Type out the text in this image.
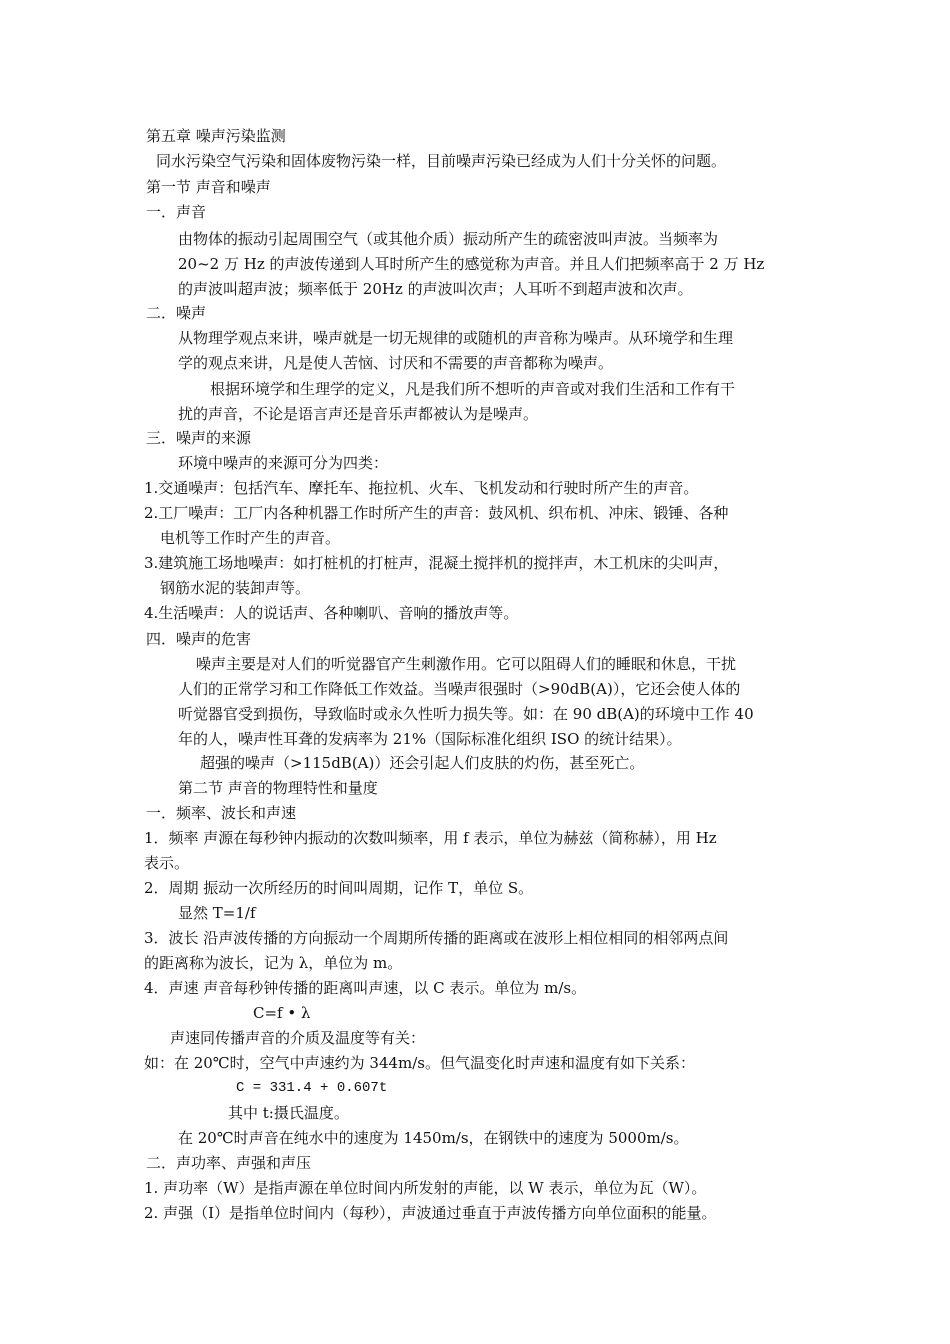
第五章 噪声污染监测
同水污染空气污染和固体废物污染一样，目前噪声污染已经成为人们十分关怀的问题。
第一节 声音和噪声
一．声音
由物体的振动引起周围空气（或其他介质）振动所产生的疏密波叫声波。当频率为
20~2 万 Hz 的声波传递到人耳时所产生的感觉称为声音。并且人们把频率高于 2 万 Hz
的声波叫超声波；频率低于 20Hz 的声波叫次声；人耳听不到超声波和次声。
二．噪声
从物理学观点来讲，噪声就是一切无规律的或随机的声音称为噪声。从环境学和生理
学的观点来讲，凡是使人苦恼、讨厌和不需要的声音都称为噪声。
根据环境学和生理学的定义，凡是我们所不想听的声音或对我们生活和工作有干
扰的声音，不论是语言声还是音乐声都被认为是噪声。
三．噪声的来源
环境中噪声的来源可分为四类：
1.交通噪声：包括汽车、摩托车、拖拉机、火车、飞机发动和行驶时所产生的声音。
2.工厂噪声：工厂内各种机器工作时所产生的声音：鼓风机、织布机、冲床、锻锤、各种
电机等工作时产生的声音。
3.建筑施工场地噪声：如打桩机的打桩声，混凝土搅拌机的搅拌声，木工机床的尖叫声，
钢筋水泥的装卸声等。
4.生活噪声：人的说话声、各种喇叭、音响的播放声等。
四．噪声的危害
噪声主要是对人们的听觉器官产生刺激作用。它可以阻碍人们的睡眠和休息，干扰
人们的正常学习和工作降低工作效益。当噪声很强时（>90dB(A)），它还会使人体的
听觉器官受到损伤，导致临时或永久性听力损失等。如：在 90 dB(A)的环境中工作 40
年的人，噪声性耳聋的发病率为 21%（国际标准化组织 ISO 的统计结果）。
超强的噪声（>115dB(A)）还会引起人们皮肤的灼伤，甚至死亡。
第二节 声音的物理特性和量度
一．频率、波长和声速
1．频率 声源在每秒钟内振动的次数叫频率，用 f 表示，单位为赫兹（简称赫），用 Hz
表示。
2．周期 振动一次所经历的时间叫周期，记作 T，单位 S。
显然 T=1/f
3．波长 沿声波传播的方向振动一个周期所传播的距离或在波形上相位相同的相邻两点间
的距离称为波长，记为 λ，单位为 m。
4．声速 声音每秒钟传播的距离叫声速，以 C 表示。单位为 m/s。
C=f • λ
声速同传播声音的介质及温度等有关：
如：在 20℃时，空气中声速约为 344m/s。但气温变化时声速和温度有如下关系：
C = 331.4 + 0.607t
其中 t:摄氏温度。
在 20℃时声音在纯水中的速度为 1450m/s，在钢铁中的速度为 5000m/s。
二．声功率、声强和声压
1. 声功率（W）是指声源在单位时间内所发射的声能，以 W 表示，单位为瓦（W）。
2. 声强（I）是指单位时间内（每秒），声波通过垂直于声波传播方向单位面积的能量。
